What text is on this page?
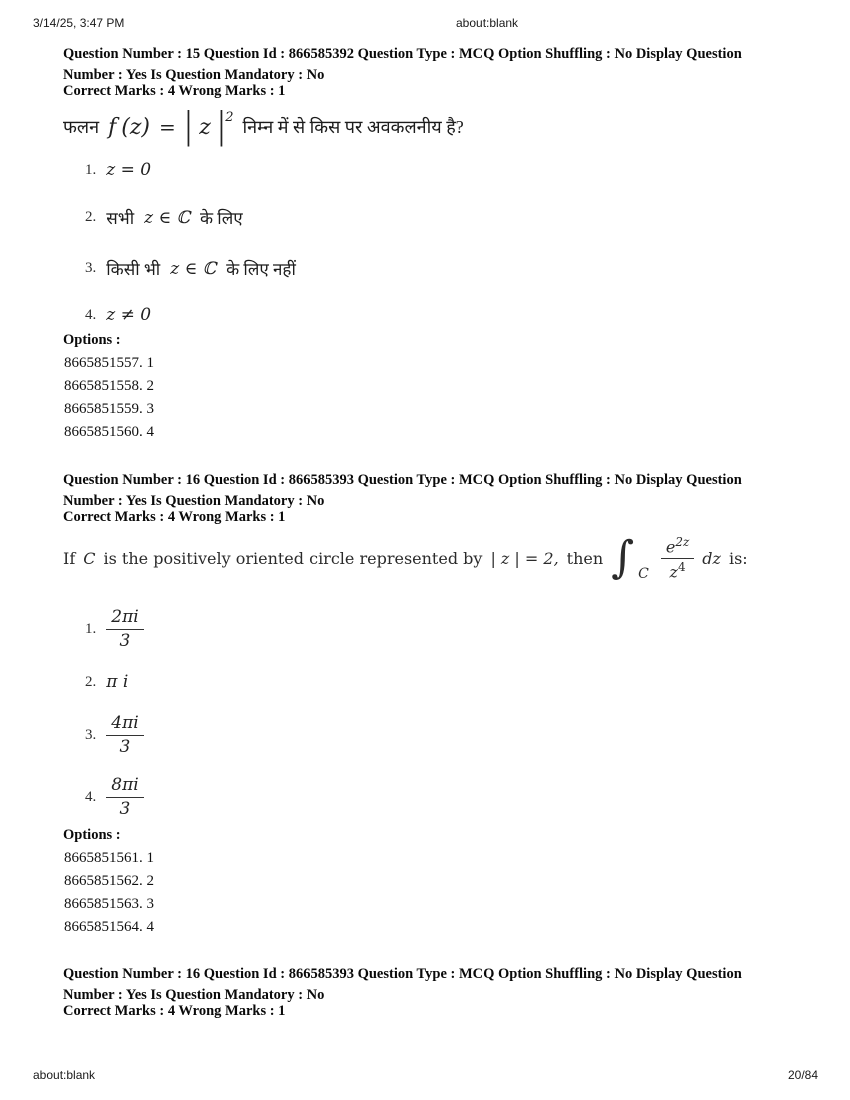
3/14/25, 3:47 PM	about:blank

Question Number : 15 Question Id : 866585392 Question Type : MCQ Option Shuffling : No Display Question Number : Yes Is Question Mandatory : No

Correct Marks : 4 Wrong Marks : 1

फलन f (z) = | z $|^2$ निम्न में से किस पर अवकलनीय है?
1. z = 0
2. सभी z ∈ ℂ के लिए
3. किसी भी z ∈ ℂ के लिए नहीं
4. z ≠ 0

Options :

8665851557. 1
8665851558. 2
8665851559. 3
8665851560. 4

Question Number : 16 Question Id : 866585393 Question Type : MCQ Option Shuffling : No Display Question Number : Yes Is Question Mandatory : No

Correct Marks : 4 Wrong Marks : 1

If C is the positively oriented circle represented by | z | = 2, then ∫ C $\frac{e^{2z}}{z^4}$ dz is:
1. $\frac{2\pi i}{3}$
2. π i
3. $\frac{4\pi i}{3}$
4. $\frac{8\pi i}{3}$

Options :

8665851561. 1
8665851562. 2
8665851563. 3
8665851564. 4

Question Number : 16 Question Id : 866585393 Question Type : MCQ Option Shuffling : No Display Question Number : Yes Is Question Mandatory : No

Correct Marks : 4 Wrong Marks : 1

about:blank	20/84
